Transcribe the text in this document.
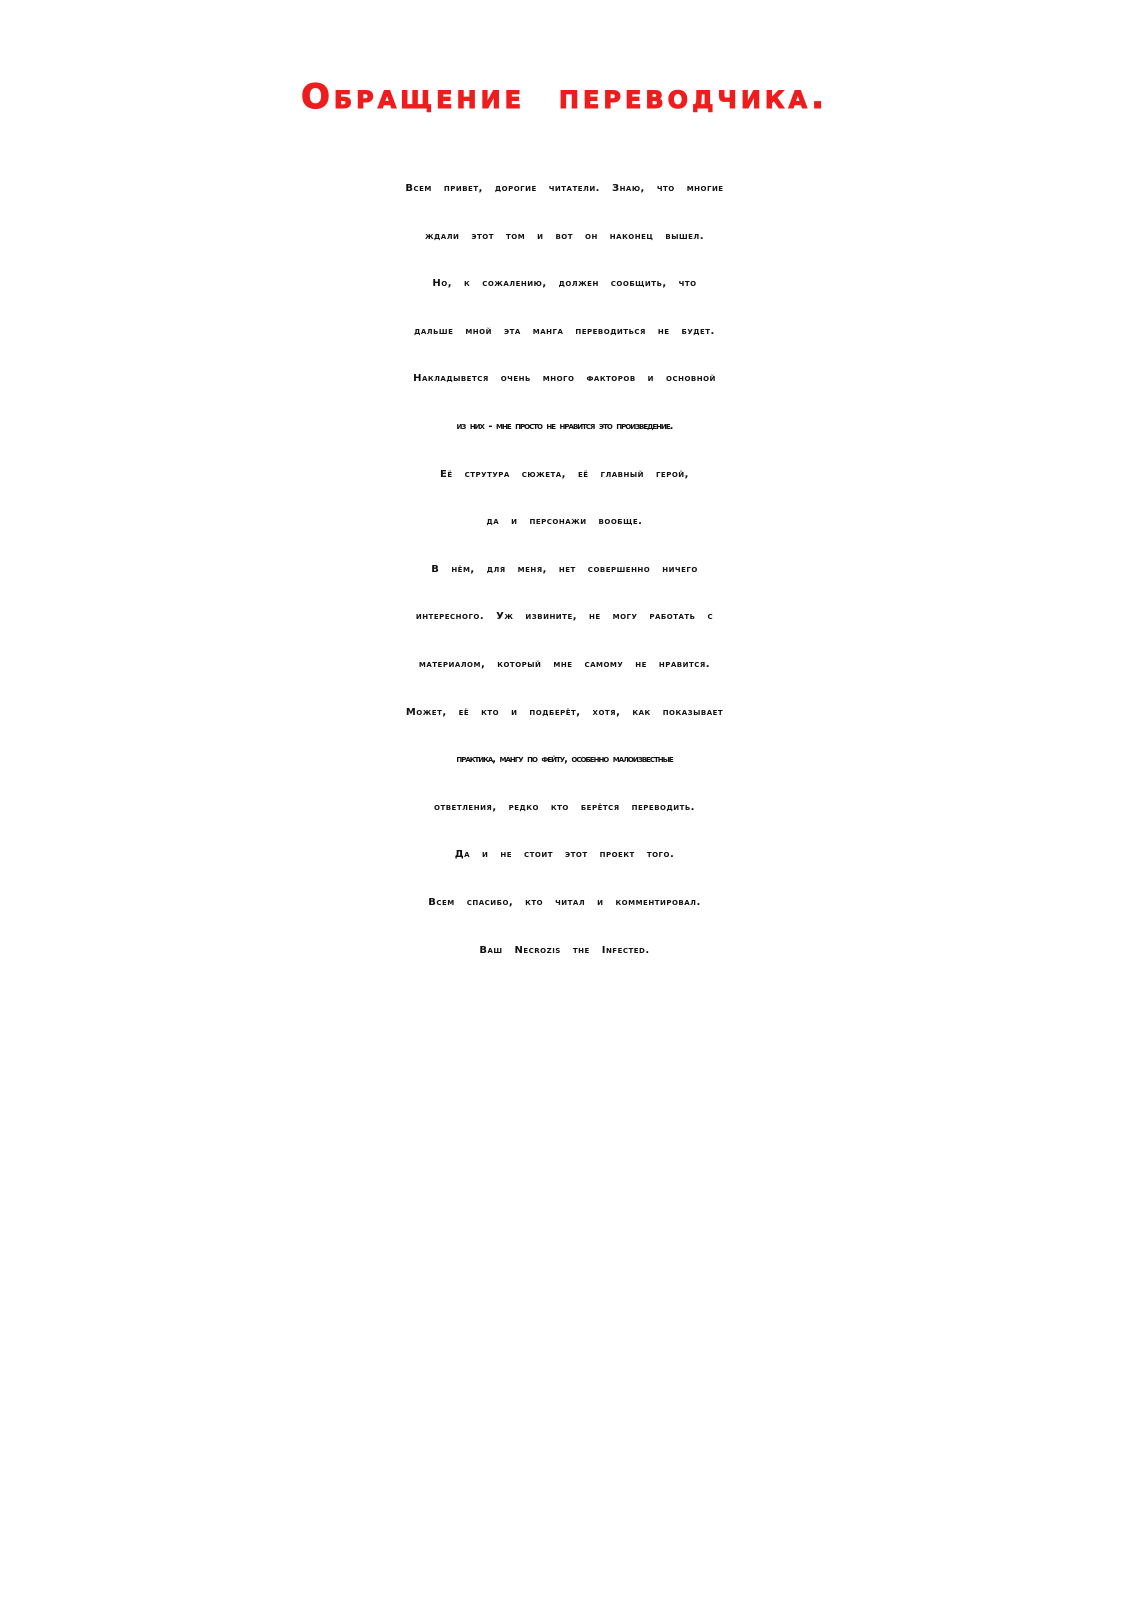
Обращение переводчика.
Всем привет, дорогие читатели. Знаю, что многие
ждали этот том и вот он наконец вышел.
Но, к сожалению, должен сообщить, что
дальше мной эта манга переводиться не будет.
Накладывется очень много факторов и основной
из них - мне просто не нравится это произведение.
Её струтура сюжета, её главный герой,
да и персонажи вообще.
В нём, для меня, нет совершенно ничего
интересного. Уж извините, не могу работать с
материалом, который мне самому не нравится.
Может, её кто и подберёт, хотя, как показывает
практика, мангу по фейту, особенно малоизвестные
ответления, редко кто берётся переводить.
Да и не стоит этот проект того.
Всем спасибо, кто читал и комментировал.
Ваш Necrozis the Infected.
